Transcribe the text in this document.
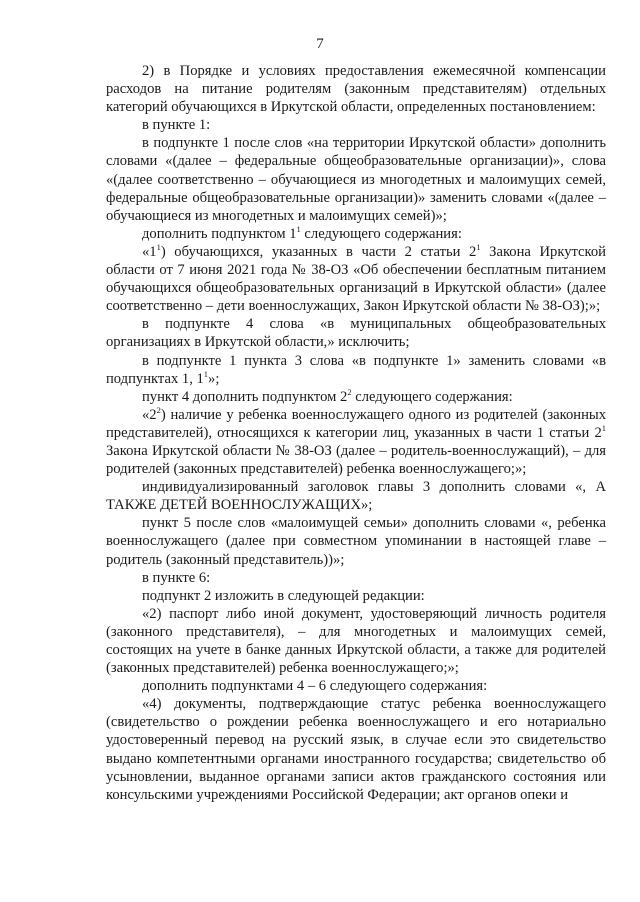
7

2) в Порядке и условиях предоставления ежемесячной компенсации расходов на питание родителям (законным представителям) отдельных категорий обучающихся в Иркутской области, определенных постановлением:

в пункте 1:

в подпункте 1 после слов «на территории Иркутской области» дополнить словами «(далее – федеральные общеобразовательные организации)», слова «(далее соответственно – обучающиеся из многодетных и малоимущих семей, федеральные общеобразовательные организации)» заменить словами «(далее – обучающиеся из многодетных и малоимущих семей)»;

дополнить подпунктом $1^1$ следующего содержания:

«$1^1$) обучающихся, указанных в части 2 статьи $2^1$ Закона Иркутской области от 7 июня 2021 года № 38-ОЗ «Об обеспечении бесплатным питанием обучающихся общеобразовательных организаций в Иркутской области» (далее соответственно – дети военнослужащих, Закон Иркутской области № 38-ОЗ);»;

в подпункте 4 слова «в муниципальных общеобразовательных организациях в Иркутской области,» исключить;

в подпункте 1 пункта 3 слова «в подпункте 1» заменить словами «в подпунктах 1, $1^1$»;

пункт 4 дополнить подпунктом $2^2$ следующего содержания:

«$2^2$) наличие у ребенка военнослужащего одного из родителей (законных представителей), относящихся к категории лиц, указанных в части 1 статьи $2^1$ Закона Иркутской области № 38-ОЗ (далее – родитель-военнослужащий), – для родителей (законных представителей) ребенка военнослужащего;»;

индивидуализированный заголовок главы 3 дополнить словами «, А ТАКЖЕ ДЕТЕЙ ВОЕННОСЛУЖАЩИХ»;

пункт 5 после слов «малоимущей семьи» дополнить словами «, ребенка военнослужащего (далее при совместном упоминании в настоящей главе – родитель (законный представитель))»;

в пункте 6:

подпункт 2 изложить в следующей редакции:

«2) паспорт либо иной документ, удостоверяющий личность родителя (законного представителя), – для многодетных и малоимущих семей, состоящих на учете в банке данных Иркутской области, а также для родителей (законных представителей) ребенка военнослужащего;»;

дополнить подпунктами 4 – 6 следующего содержания:

«4) документы, подтверждающие статус ребенка военнослужащего (свидетельство о рождении ребенка военнослужащего и его нотариально удостоверенный перевод на русский язык, в случае если это свидетельство выдано компетентными органами иностранного государства; свидетельство об усыновлении, выданное органами записи актов гражданского состояния или консульскими учреждениями Российской Федерации; акт органов опеки и
